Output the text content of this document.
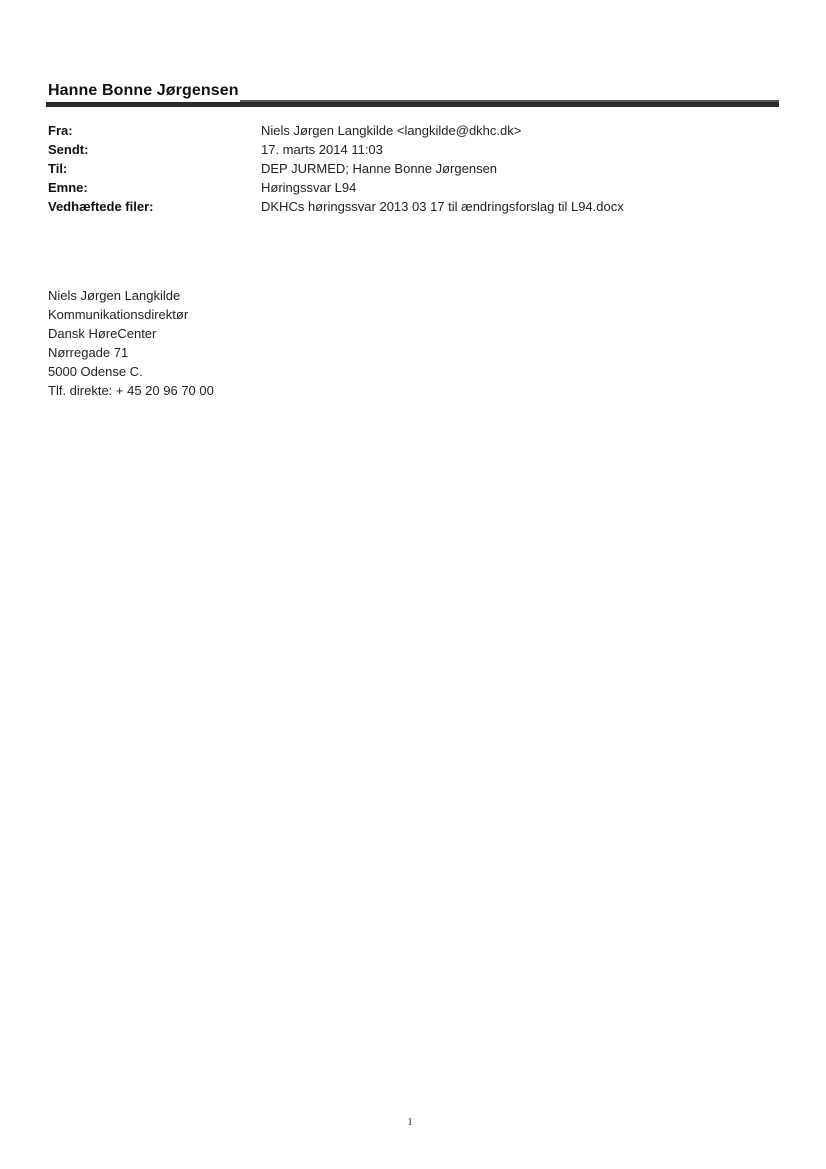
Hanne Bonne Jørgensen
Fra:	Niels Jørgen Langkilde <langkilde@dkhc.dk>
Sendt:	17. marts 2014 11:03
Til:	DEP JURMED; Hanne Bonne Jørgensen
Emne:	Høringssvar L94
Vedhæftede filer:	DKHCs høringssvar 2013 03 17 til ændringsforslag til L94.docx
Niels Jørgen Langkilde
Kommunikationsdirektør
Dansk HøreCenter
Nørregade 71
5000 Odense C.
Tlf. direkte: + 45 20 96 70 00
1
